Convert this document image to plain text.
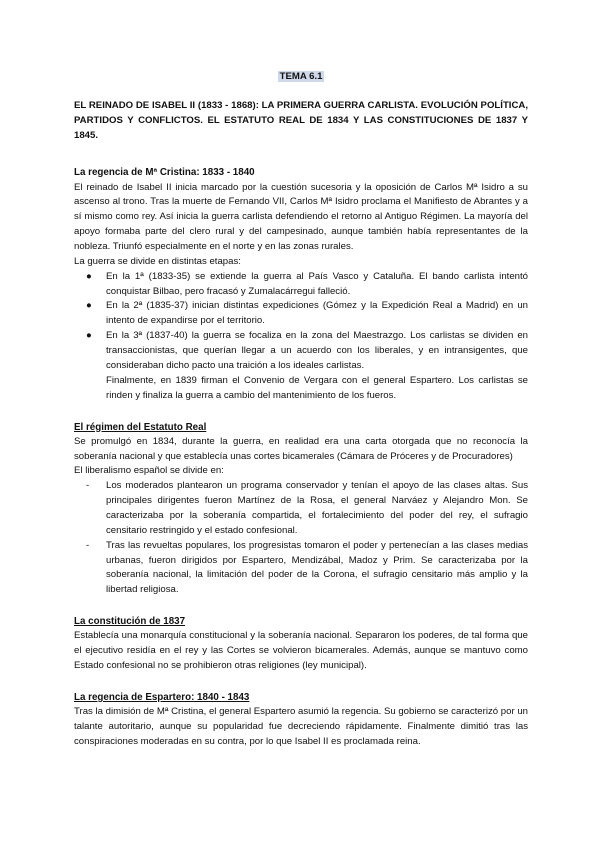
TEMA 6.1

EL REINADO DE ISABEL II (1833 - 1868): LA PRIMERA GUERRA CARLISTA. EVOLUCIÓN POLÍTICA, PARTIDOS Y CONFLICTOS. EL ESTATUTO REAL DE 1834 Y LAS CONSTITUCIONES DE 1837 Y 1845.

La regencia de Mª Cristina: 1833 - 1840

El reinado de Isabel II inicia marcado por la cuestión sucesoria y la oposición de Carlos Mª Isidro a su ascenso al trono. Tras la muerte de Fernando VII, Carlos Mª Isidro proclama el Manifiesto de Abrantes y a sí mismo como rey. Así inicia la guerra carlista defendiendo el retorno al Antiguo Régimen. La mayoría del apoyo formaba parte del clero rural y del campesinado, aunque también había representantes de la nobleza. Triunfó especialmente en el norte y en las zonas rurales.

La guerra se divide en distintas etapas:

● En la 1ª (1833-35) se extiende la guerra al País Vasco y Cataluña. El bando carlista intentó conquistar Bilbao, pero fracasó y Zumalacárregui falleció.
● En la 2ª (1835-37) inician distintas expediciones (Gómez y la Expedición Real a Madrid) en un intento de expandirse por el territorio.
● En la 3ª (1837-40) la guerra se focaliza en la zona del Maestrazgo. Los carlistas se dividen en transaccionistas, que querían llegar a un acuerdo con los liberales, y en intransigentes, que consideraban dicho pacto una traición a los ideales carlistas.

Finalmente, en 1839 firman el Convenio de Vergara con el general Espartero. Los carlistas se rinden y finaliza la guerra a cambio del mantenimiento de los fueros.

El régimen del Estatuto Real

Se promulgó en 1834, durante la guerra, en realidad era una carta otorgada que no reconocía la soberanía nacional y que establecía unas cortes bicamerales (Cámara de Próceres y de Procuradores)

El liberalismo español se divide en:

- Los moderados plantearon un programa conservador y tenían el apoyo de las clases altas. Sus principales dirigentes fueron Martínez de la Rosa, el general Narváez y Alejandro Mon. Se caracterizaba por la soberanía compartida, el fortalecimiento del poder del rey, el sufragio censitario restringido y el estado confesional.
- Tras las revueltas populares, los progresistas tomaron el poder y pertenecían a las clases medias urbanas, fueron dirigidos por Espartero, Mendizábal, Madoz y Prim. Se caracterizaba por la soberanía nacional, la limitación del poder de la Corona, el sufragio censitario más amplio y la libertad religiosa.

La constitución de 1837

Establecía una monarquía constitucional y la soberanía nacional. Separaron los poderes, de tal forma que el ejecutivo residía en el rey y las Cortes se volvieron bicamerales. Además, aunque se mantuvo como Estado confesional no se prohibieron otras religiones (ley municipal).

La regencia de Espartero: 1840 - 1843

Tras la dimisión de Mª Cristina, el general Espartero asumió la regencia. Su gobierno se caracterizó por un talante autoritario, aunque su popularidad fue decreciendo rápidamente. Finalmente dimitió tras las conspiraciones moderadas en su contra, por lo que Isabel II es proclamada reina.
